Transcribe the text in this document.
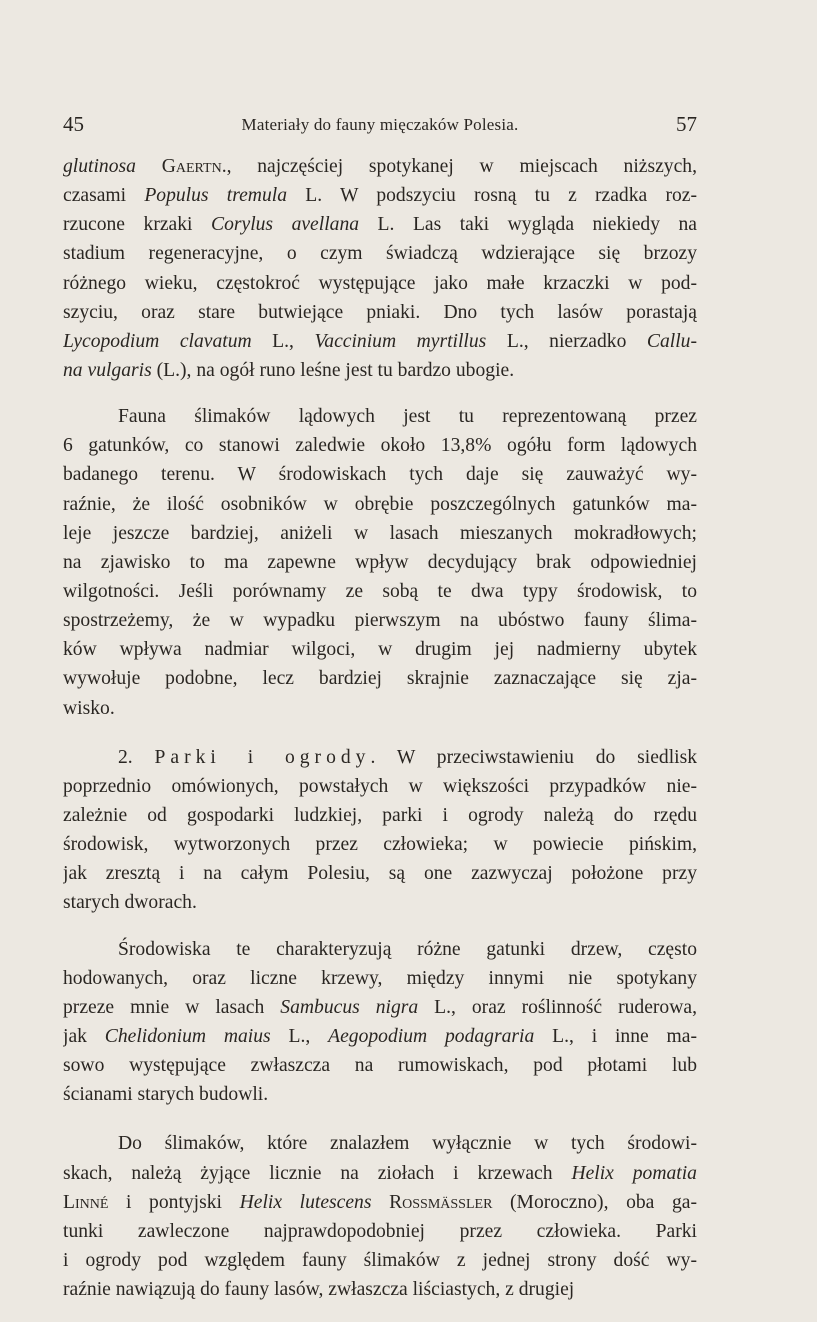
45	Materiały do fauny mięczaków Polesia.	57
glutinosa Gaertn., najczęściej spotykanej w miejscach niższych,
czasami Populus tremula L. W podszyciu rosną tu z rzadka roz-
rzucone krzaki Corylus avellana L. Las taki wygląda niekiedy na
stadium regeneracyjne, o czym świadczą wdzierające się brzozy
różnego wieku, częstokroć występujące jako małe krzaczki w pod-
szyciu, oraz stare butwiejące pniaki. Dno tych lasów porastają
Lycopodium clavatum L., Vaccinium myrtillus L., nierzadko Callu-
na vulgaris (L.), na ogół runo leśne jest tu bardzo ubogie.
Fauna ślimaków lądowych jest tu reprezentowaną przez
6 gatunków, co stanowi zaledwie około 13,8% ogółu form lądowych
badanego terenu. W środowiskach tych daje się zauważyć wy-
raźnie, że ilość osobników w obrębie poszczególnych gatunków ma-
leje jeszcze bardziej, aniżeli w lasach mieszanych mokradłowych;
na zjawisko to ma zapewne wpływ decydujący brak odpowiedniej
wilgotności. Jeśli porównamy ze sobą te dwa typy środowisk, to
spostrzeżemy, że w wypadku pierwszym na ubóstwo fauny ślima-
ków wpływa nadmiar wilgoci, w drugim jej nadmierny ubytek
wywołuje podobne, lecz bardziej skrajnie zaznaczające się zja-
wisko.
2. Parki i ogrody. W przeciwstawieniu do siedlisk
poprzednio omówionych, powstałych w większości przypadków nie-
zależnie od gospodarki ludzkiej, parki i ogrody należą do rzędu
środowisk, wytworzonych przez człowieka; w powiecie pińskim,
jak zresztą i na całym Polesiu, są one zazwyczaj położone przy
starych dworach.
Środowiska te charakteryzują różne gatunki drzew, często
hodowanych, oraz liczne krzewy, między innymi nie spotykany
przeze mnie w lasach Sambucus nigra L., oraz roślinność ruderowa,
jak Chelidonium maius L., Aegopodium podagraria L., i inne ma-
sowo występujące zwłaszcza na rumowiskach, pod płotami lub
ścianami starych budowli.
Do ślimaków, które znalazłem wyłącznie w tych środowi-
skach, należą żyjące licznie na ziołach i krzewach Helix pomatia
Linné i pontyjski Helix lutescens Rossmässler (Moroczno), oba ga-
tunki zawleczone najprawdopodobniej przez człowieka. Parki
i ogrody pod względem fauny ślimaków z jednej strony dość wy-
raźnie nawiązują do fauny lasów, zwłaszcza liściastych, z drugiej
